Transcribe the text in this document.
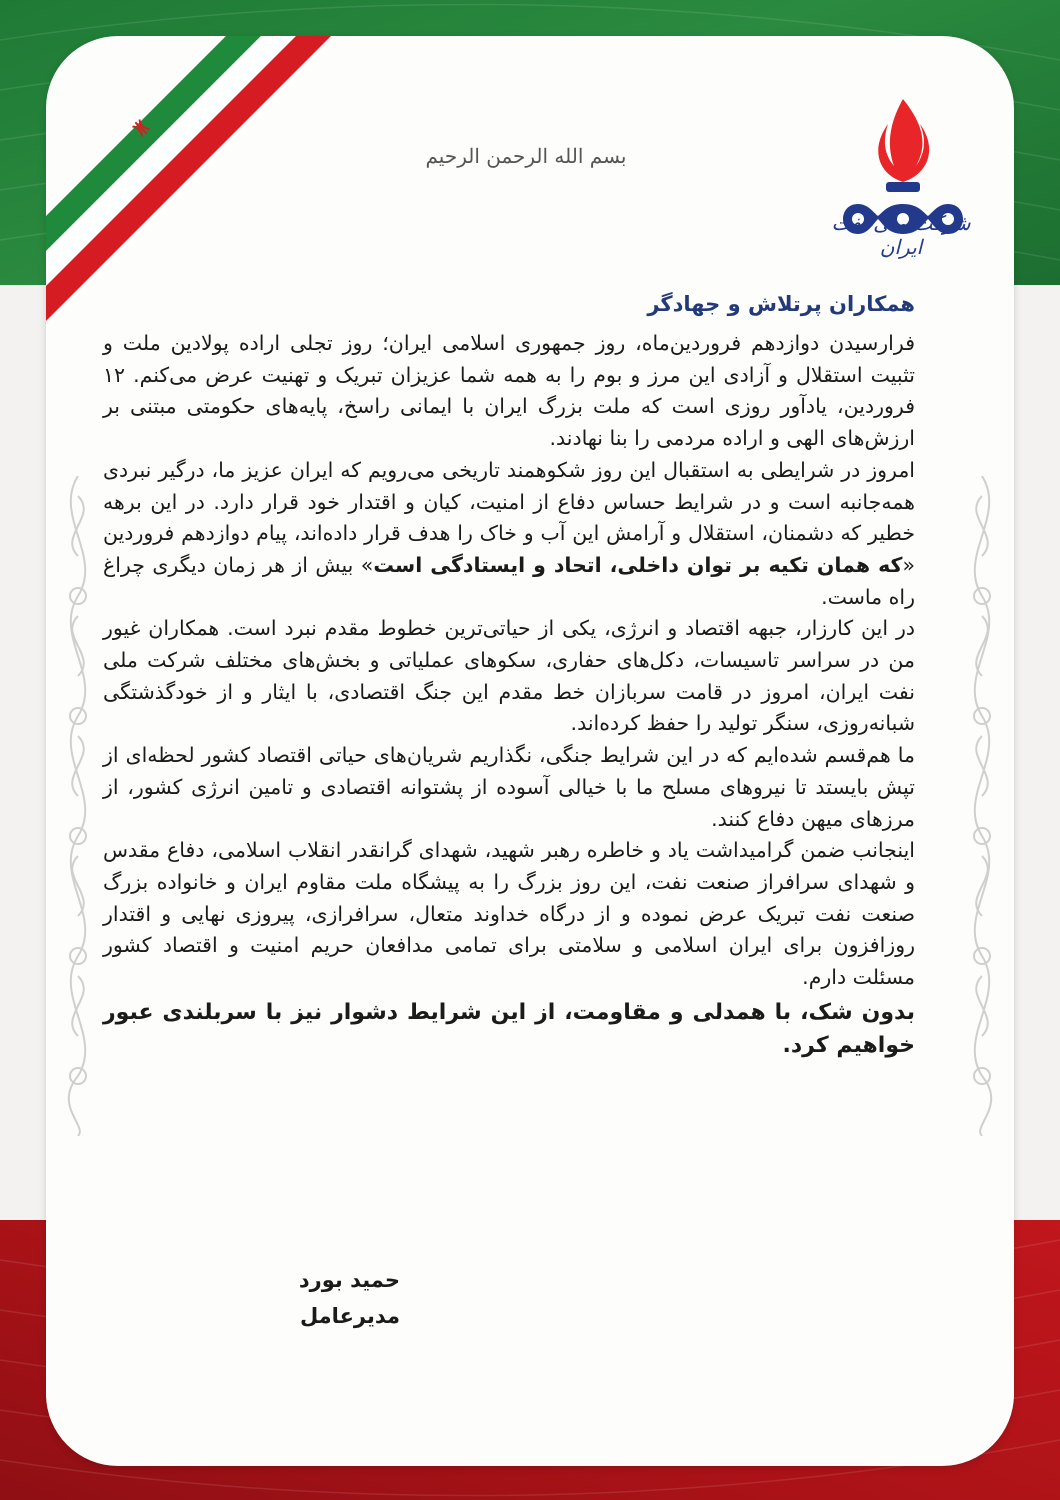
بسم الله الرحمن الرحیم
شرکت ملی نفت ایران

همکاران پرتلاش و جهادگر

فرارسیدن دوازدهم فروردین‌ماه، روز جمهوری اسلامی ایران؛ روز تجلی اراده پولادین ملت و تثبیت استقلال و آزادی این مرز و بوم را به همه شما عزیزان تبریک و تهنیت عرض می‌کنم. ۱۲ فروردین، یادآور روزی است که ملت بزرگ ایران با ایمانی راسخ، پایه‌های حکومتی مبتنی بر ارزش‌های الهی و اراده مردمی را بنا نهادند.

امروز در شرایطی به استقبال این روز شکوهمند تاریخی می‌رویم که ایران عزیز ما، درگیر نبردی همه‌جانبه است و در شرایط حساس دفاع از امنیت، کیان و اقتدار خود قرار دارد. در این برهه خطیر که دشمنان، استقلال و آرامش این آب و خاک را هدف قرار داده‌اند، پیام دوازدهم فروردین «که همان تکیه بر توان داخلی، اتحاد و ایستادگی است» بیش از هر زمان دیگری چراغ راه ماست.

در این کارزار، جبهه اقتصاد و انرژی، یکی از حیاتی‌ترین خطوط مقدم نبرد است. همکاران غیور من در سراسر تاسیسات، دکل‌های حفاری، سکوهای عملیاتی و بخش‌های مختلف شرکت ملی نفت ایران، امروز در قامت سربازان خط مقدم این جنگ اقتصادی، با ایثار و از خودگذشتگی شبانه‌روزی، سنگر تولید را حفظ کرده‌اند.

ما هم‌قسم شده‌ایم که در این شرایط جنگی، نگذاریم شریان‌های حیاتی اقتصاد کشور لحظه‌ای از تپش بایستد تا نیروهای مسلح ما با خیالی آسوده از پشتوانه اقتصادی و تامین انرژی کشور، از مرزهای میهن دفاع کنند.

اینجانب ضمن گرامیداشت یاد و خاطره رهبر شهید، شهدای گرانقدر انقلاب اسلامی، دفاع مقدس و شهدای سرافراز صنعت نفت، این روز بزرگ را به پیشگاه ملت مقاوم ایران و خانواده بزرگ صنعت نفت تبریک عرض نموده و از درگاه خداوند متعال، سرافرازی، پیروزی نهایی و اقتدار روزافزون برای ایران اسلامی و سلامتی برای تمامی مدافعان حریم امنیت و اقتصاد کشور مسئلت دارم.

بدون شک، با همدلی و مقاومت، از این شرایط دشوار نیز با سربلندی عبور خواهیم کرد.

حمید بورد

مدیرعامل
